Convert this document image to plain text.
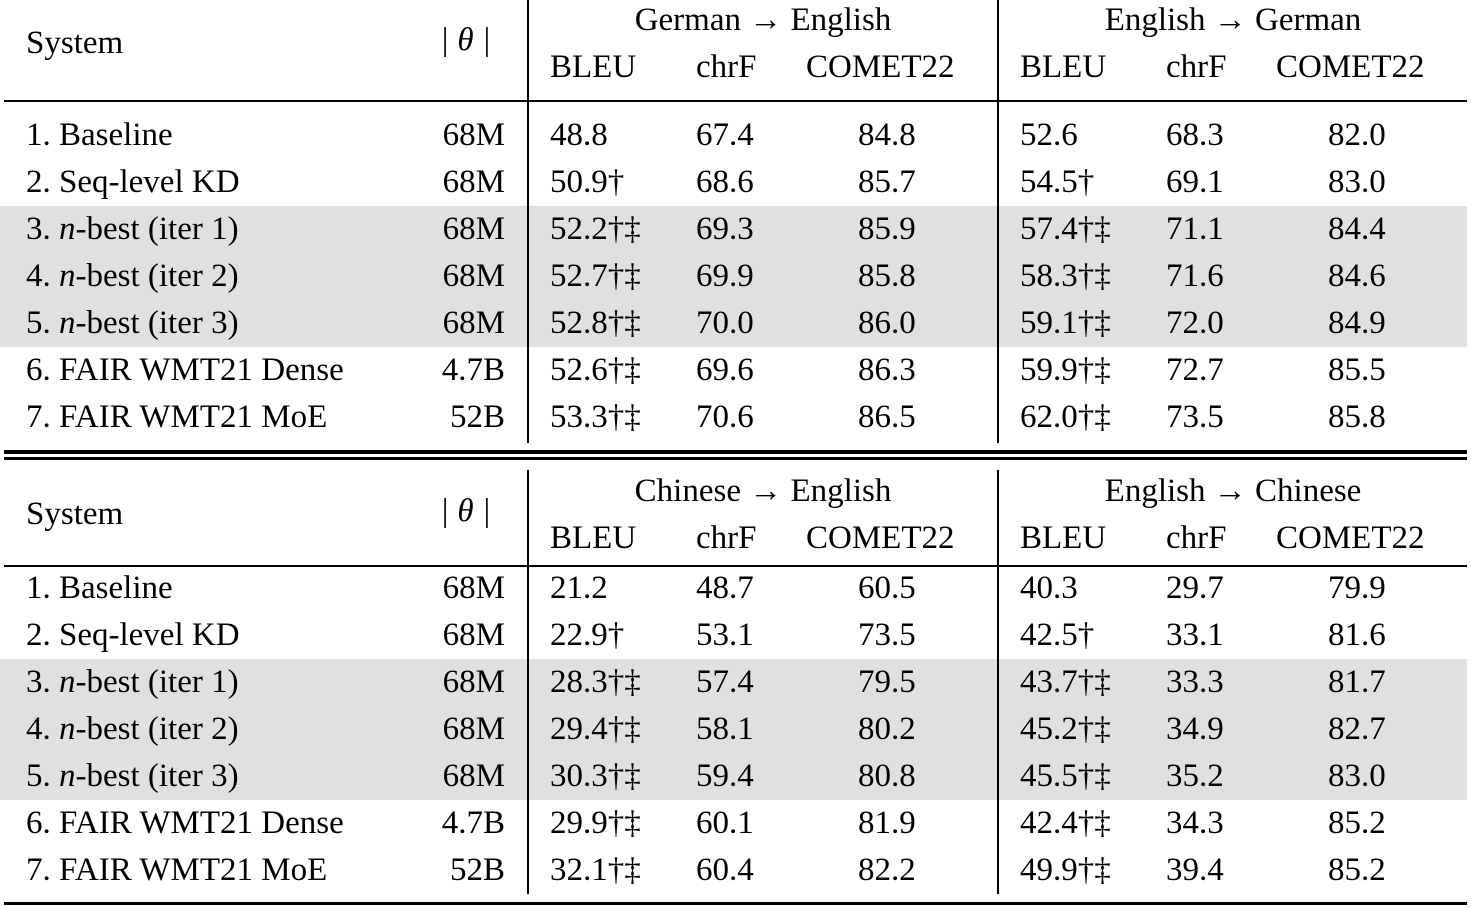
System	| θ |
German → English	English → German
BLEU chrF COMET22 BLEU chrF COMET22
1. Baseline	68M 48.8	67.4	84.8	52.6	68.3	82.0
2. Seq-level KD	68M 50.9† 68.6	85.7	54.5† 69.1	83.0
3. n-best (iter 1)	68M 52.2†‡ 69.3	85.9	57.4†‡ 71.1	84.4
4. n-best (iter 2)	68M 52.7†‡ 69.9	85.8	58.3†‡ 71.6	84.6
5. n-best (iter 3)	68M 52.8†‡ 70.0	86.0	59.1†‡ 72.0	84.9
6. FAIR WMT21 Dense	4.7B 52.6†‡ 69.6	86.3	59.9†‡ 72.7	85.5
7. FAIR WMT21 MoE	52B 53.3†‡ 70.6	86.5	62.0†‡ 73.5	85.8
System	| θ |
Chinese → English	English → Chinese
BLEU chrF COMET22 BLEU chrF COMET22
1. Baseline	68M 21.2	48.7	60.5	40.3	29.7	79.9
2. Seq-level KD	68M 22.9† 53.1	73.5	42.5† 33.1	81.6
3. n-best (iter 1)	68M 28.3†‡ 57.4	79.5	43.7†‡ 33.3	81.7
4. n-best (iter 2)	68M 29.4†‡ 58.1	80.2	45.2†‡ 34.9	82.7
5. n-best (iter 3)	68M 30.3†‡ 59.4	80.8	45.5†‡ 35.2	83.0
6. FAIR WMT21 Dense	4.7B 29.9†‡ 60.1	81.9	42.4†‡ 34.3	85.2
7. FAIR WMT21 MoE	52B 32.1†‡ 60.4	82.2	49.9†‡ 39.4	85.2
